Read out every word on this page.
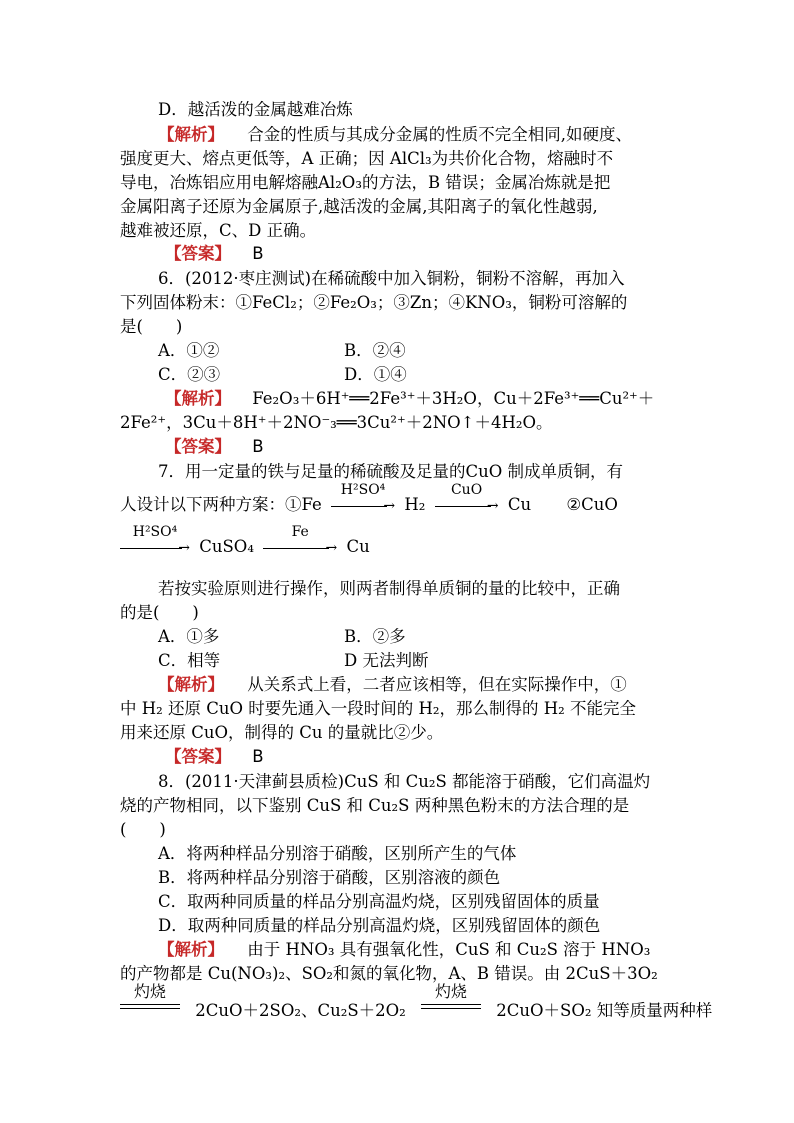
D．越活泼的金属越难冶炼
【解析】 合金的性质与其成分金属的性质不完全相同,如硬度、
强度更大、熔点更低等，A 正确；因 AlCl₃为共价化合物，熔融时不
导电，冶炼铝应用电解熔融Al₂O₃的方法，B 错误；金属冶炼就是把
金属阳离子还原为金属原子,越活泼的金属,其阳离子的氧化性越弱,
越难被还原，C、D 正确。
【答案】 B
6．(2012·枣庄测试)在稀硫酸中加入铜粉，铜粉不溶解，再加入
下列固体粉末：①FeCl₂；②Fe₂O₃；③Zn；④KNO₃，铜粉可溶解的
是(　　)
A．①②	B．②④
C．②③	D．①④
【解析】 Fe₂O₃＋6H⁺══2Fe³⁺＋3H₂O，Cu＋2Fe³⁺══Cu²⁺＋
2Fe²⁺，3Cu＋8H⁺＋2NO⁻₃══3Cu²⁺＋2NO↑＋4H₂O。
【答案】 B
7．用一定量的铁与足量的稀硫酸及足量的CuO 制成单质铜，有
人设计以下两种方案：①Fe
H²SO⁴
→ H₂
CuO
→ Cu ②CuO
H²SO⁴
→ CuSO₄
Fe
→ Cu
若按实验原则进行操作，则两者制得单质铜的量的比较中，正确
的是(　　)
A．①多	B．②多
C．相等	D 无法判断
【解析】 从关系式上看，二者应该相等，但在实际操作中，①
中 H₂ 还原 CuO 时要先通入一段时间的 H₂，那么制得的 H₂ 不能完全
用来还原 CuO，制得的 Cu 的量就比②少。
【答案】 B
8．(2011·天津蓟县质检)CuS 和 Cu₂S 都能溶于硝酸，它们高温灼
烧的产物相同，以下鉴别 CuS 和 Cu₂S 两种黑色粉末的方法合理的是
(　　)
A．将两种样品分别溶于硝酸，区别所产生的气体
B．将两种样品分别溶于硝酸，区别溶液的颜色
C．取两种同质量的样品分别高温灼烧，区别残留固体的质量
D．取两种同质量的样品分别高温灼烧，区别残留固体的颜色
【解析】 由于 HNO₃ 具有强氧化性，CuS 和 Cu₂S 溶于 HNO₃
的产物都是 Cu(NO₃)₂、SO₂和氮的氧化物，A、B 错误。由 2CuS＋3O₂
灼烧
2CuO＋2SO₂、Cu₂S＋2O₂
灼烧
2CuO＋SO₂ 知等质量两种样
